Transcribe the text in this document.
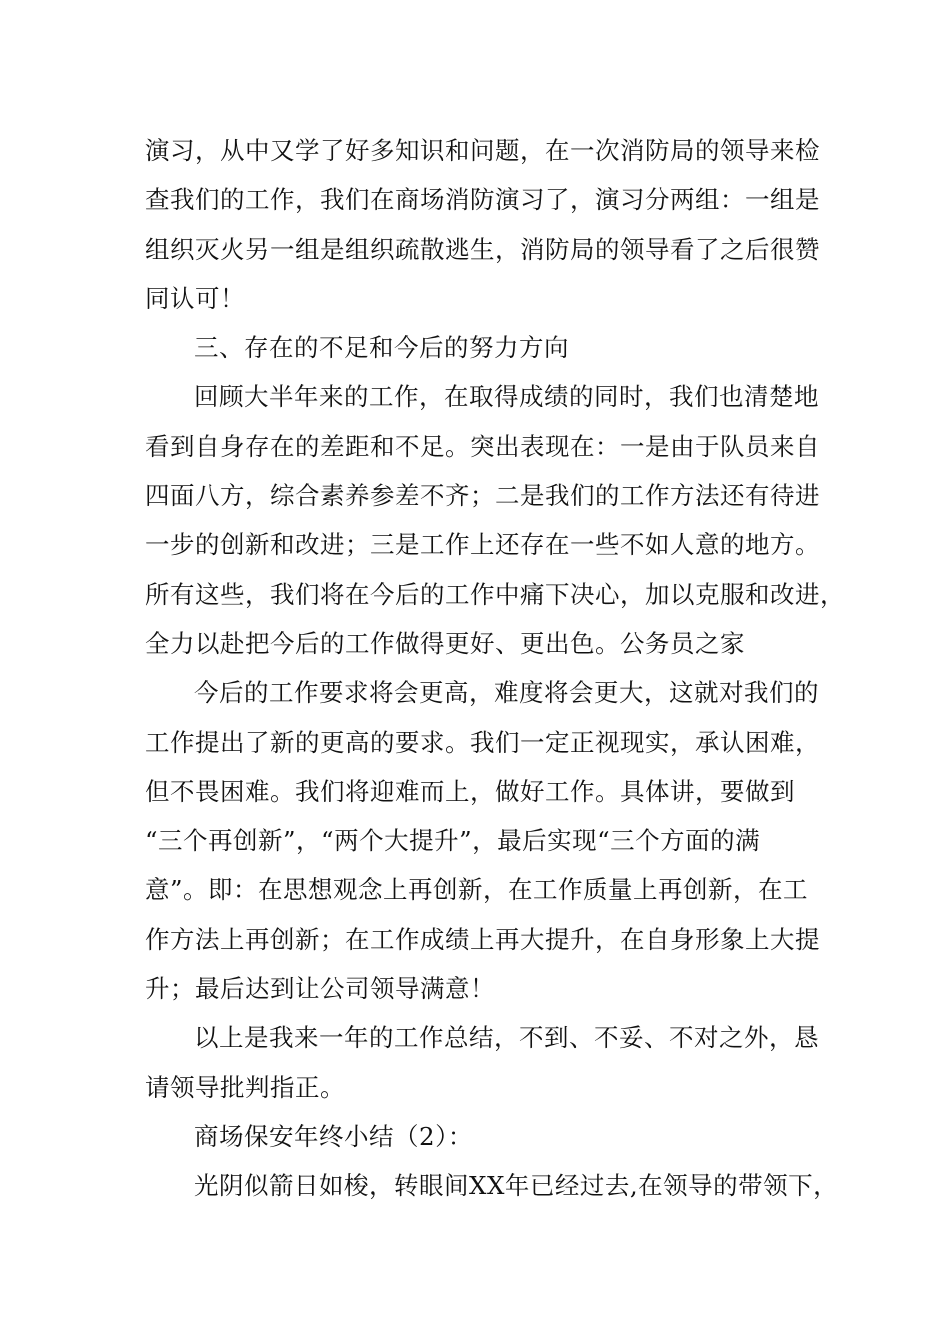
演习，从中又学了好多知识和问题，在一次消防局的领导来检
查我们的工作，我们在商场消防演习了，演习分两组：一组是
组织灭火另一组是组织疏散逃生，消防局的领导看了之后很赞
同认可！
三、存在的不足和今后的努力方向
回顾大半年来的工作，在取得成绩的同时，我们也清楚地
看到自身存在的差距和不足。突出表现在：一是由于队员来自
四面八方，综合素养参差不齐；二是我们的工作方法还有待进
一步的创新和改进；三是工作上还存在一些不如人意的地方。
所有这些，我们将在今后的工作中痛下决心，加以克服和改进，
全力以赴把今后的工作做得更好、更出色。公务员之家
今后的工作要求将会更高，难度将会更大，这就对我们的
工作提出了新的更高的要求。我们一定正视现实，承认困难，
但不畏困难。我们将迎难而上，做好工作。具体讲，要做到
“三个再创新”，“两个大提升”，最后实现“三个方面的满
意”。即：在思想观念上再创新，在工作质量上再创新，在工
作方法上再创新；在工作成绩上再大提升，在自身形象上大提
升；最后达到让公司领导满意！
以上是我来一年的工作总结，不到、不妥、不对之外，恳
请领导批判指正。
商场保安年终小结（2）：
光阴似箭日如梭，转眼间XX年已经过去,在领导的带领下，
